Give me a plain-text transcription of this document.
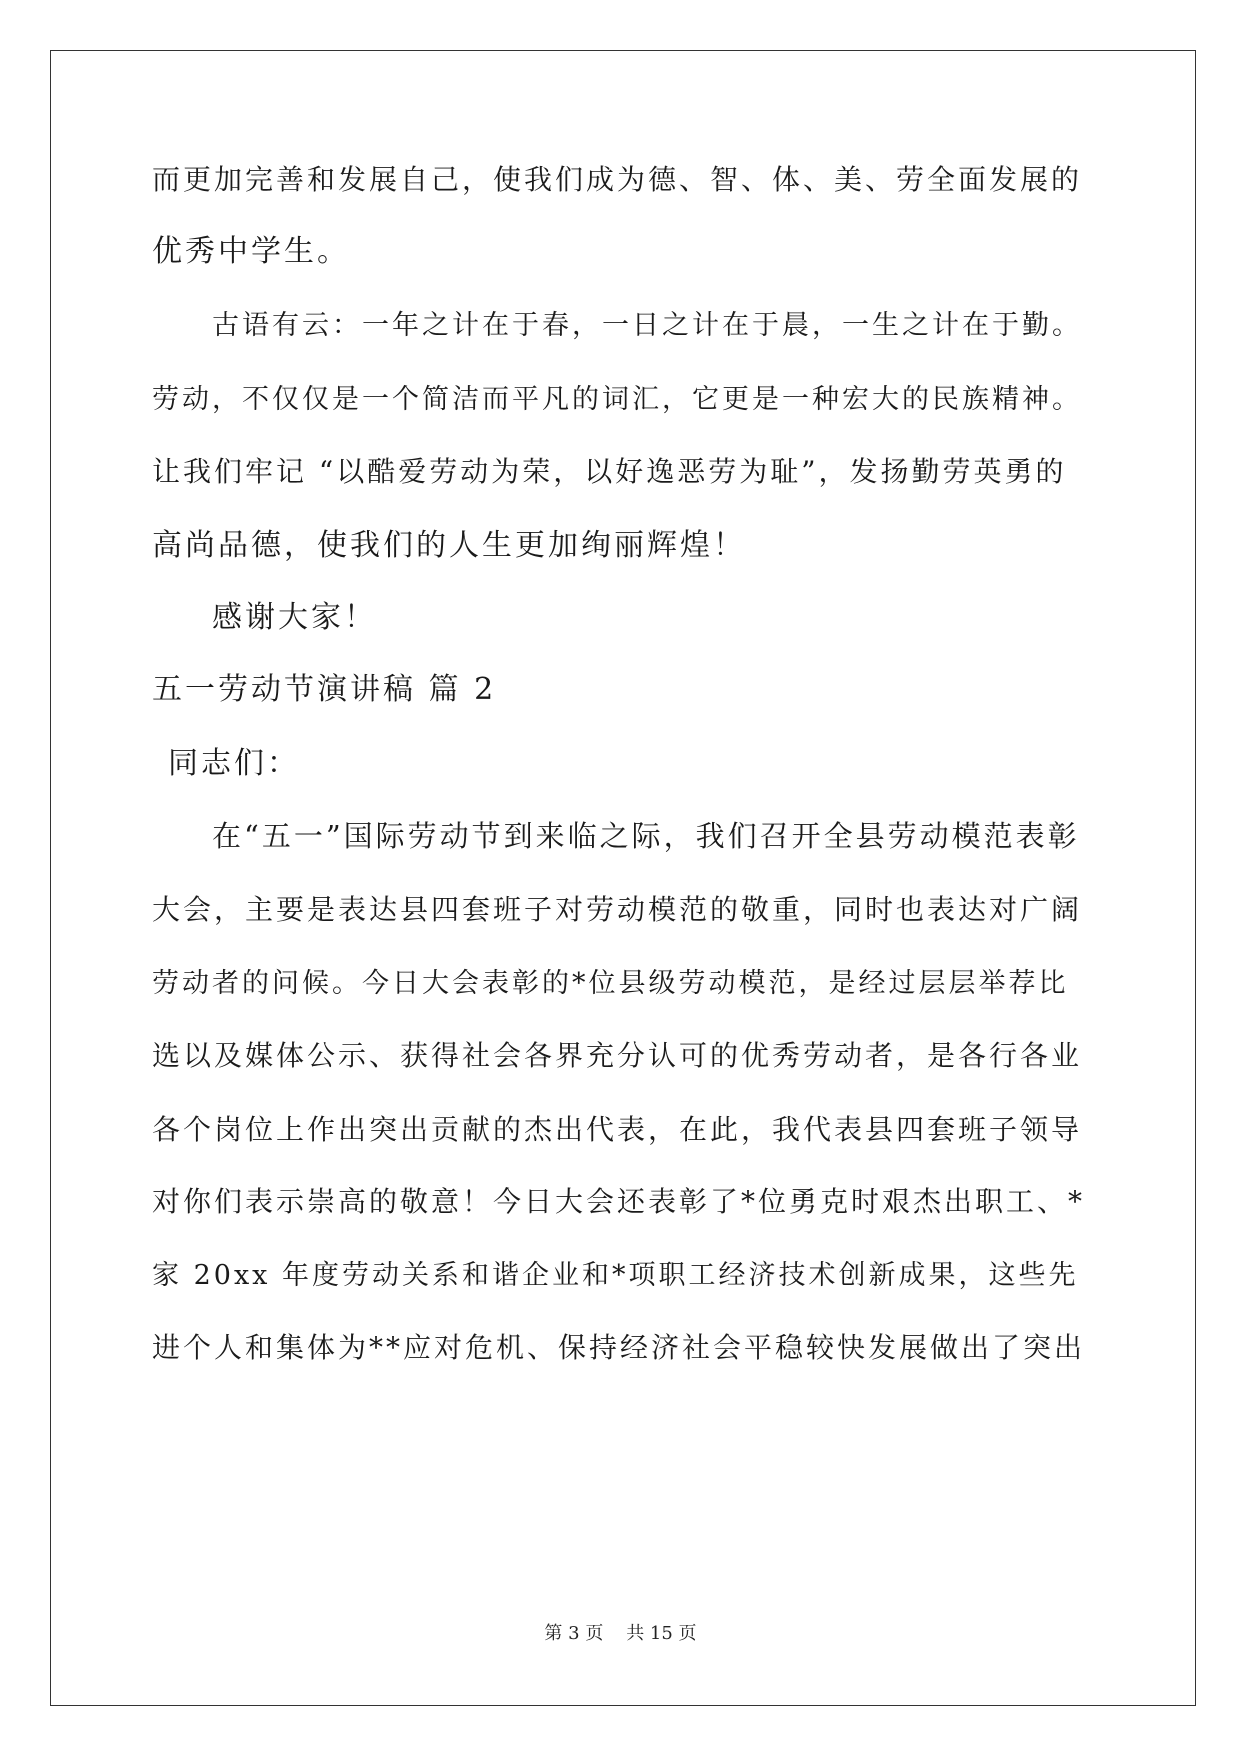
而更加完善和发展自己，使我们成为德、智、体、美、劳全面发展的
优秀中学生。
古语有云：一年之计在于春，一日之计在于晨，一生之计在于勤。
劳动，不仅仅是一个简洁而平凡的词汇，它更是一种宏大的民族精神。
让我们牢记 “以酷爱劳动为荣，以好逸恶劳为耻”，发扬勤劳英勇的
高尚品德，使我们的人生更加绚丽辉煌！
感谢大家！
五一劳动节演讲稿 篇 2
同志们：
在“五一”国际劳动节到来临之际，我们召开全县劳动模范表彰
大会，主要是表达县四套班子对劳动模范的敬重，同时也表达对广阔
劳动者的问候。今日大会表彰的*位县级劳动模范，是经过层层举荐比
选以及媒体公示、获得社会各界充分认可的优秀劳动者，是各行各业
各个岗位上作出突出贡献的杰出代表，在此，我代表县四套班子领导
对你们表示崇高的敬意！今日大会还表彰了*位勇克时艰杰出职工、*
家 20xx 年度劳动关系和谐企业和*项职工经济技术创新成果，这些先
进个人和集体为**应对危机、保持经济社会平稳较快发展做出了突出
第 3 页    共 15 页
